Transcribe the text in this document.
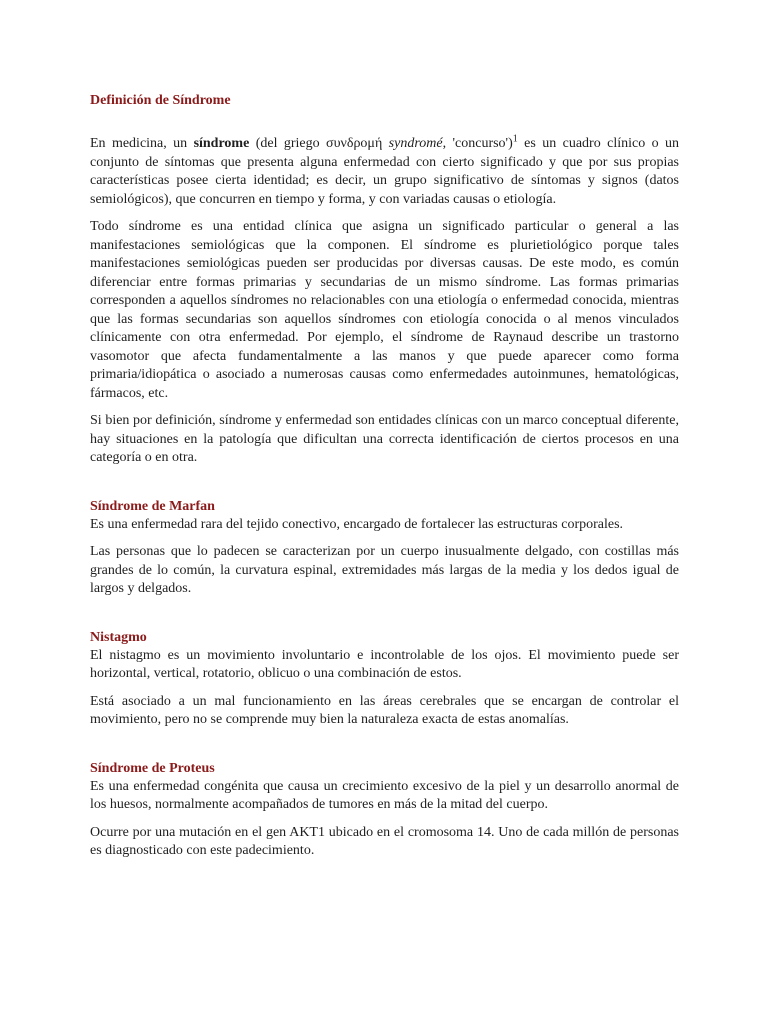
Definición de Síndrome

En medicina, un síndrome (del griego συνδρομή syndromé, 'concurso')$^1$ es un cuadro clínico o un conjunto de síntomas que presenta alguna enfermedad con cierto significado y que por sus propias características posee cierta identidad; es decir, un grupo significativo de síntomas y signos (datos semiológicos), que concurren en tiempo y forma, y con variadas causas o etiología.

Todo síndrome es una entidad clínica que asigna un significado particular o general a las manifestaciones semiológicas que la componen. El síndrome es plurietiológico porque tales manifestaciones semiológicas pueden ser producidas por diversas causas. De este modo, es común diferenciar entre formas primarias y secundarias de un mismo síndrome. Las formas primarias corresponden a aquellos síndromes no relacionables con una etiología o enfermedad conocida, mientras que las formas secundarias son aquellos síndromes con etiología conocida o al menos vinculados clínicamente con otra enfermedad. Por ejemplo, el síndrome de Raynaud describe un trastorno vasomotor que afecta fundamentalmente a las manos y que puede aparecer como forma primaria/idiopática o asociado a numerosas causas como enfermedades autoinmunes, hematológicas, fármacos, etc.

Si bien por definición, síndrome y enfermedad son entidades clínicas con un marco conceptual diferente, hay situaciones en la patología que dificultan una correcta identificación de ciertos procesos en una categoría o en otra.

Síndrome de Marfan

Es una enfermedad rara del tejido conectivo, encargado de fortalecer las estructuras corporales.

Las personas que lo padecen se caracterizan por un cuerpo inusualmente delgado, con costillas más grandes de lo común, la curvatura espinal, extremidades más largas de la media y los dedos igual de largos y delgados.

Nistagmo

El nistagmo es un movimiento involuntario e incontrolable de los ojos. El movimiento puede ser horizontal, vertical, rotatorio, oblicuo o una combinación de estos.

Está asociado a un mal funcionamiento en las áreas cerebrales que se encargan de controlar el movimiento, pero no se comprende muy bien la naturaleza exacta de estas anomalías.

Síndrome de Proteus

Es una enfermedad congénita que causa un crecimiento excesivo de la piel y un desarrollo anormal de los huesos, normalmente acompañados de tumores en más de la mitad del cuerpo.

Ocurre por una mutación en el gen AKT1 ubicado en el cromosoma 14. Uno de cada millón de personas es diagnosticado con este padecimiento.
